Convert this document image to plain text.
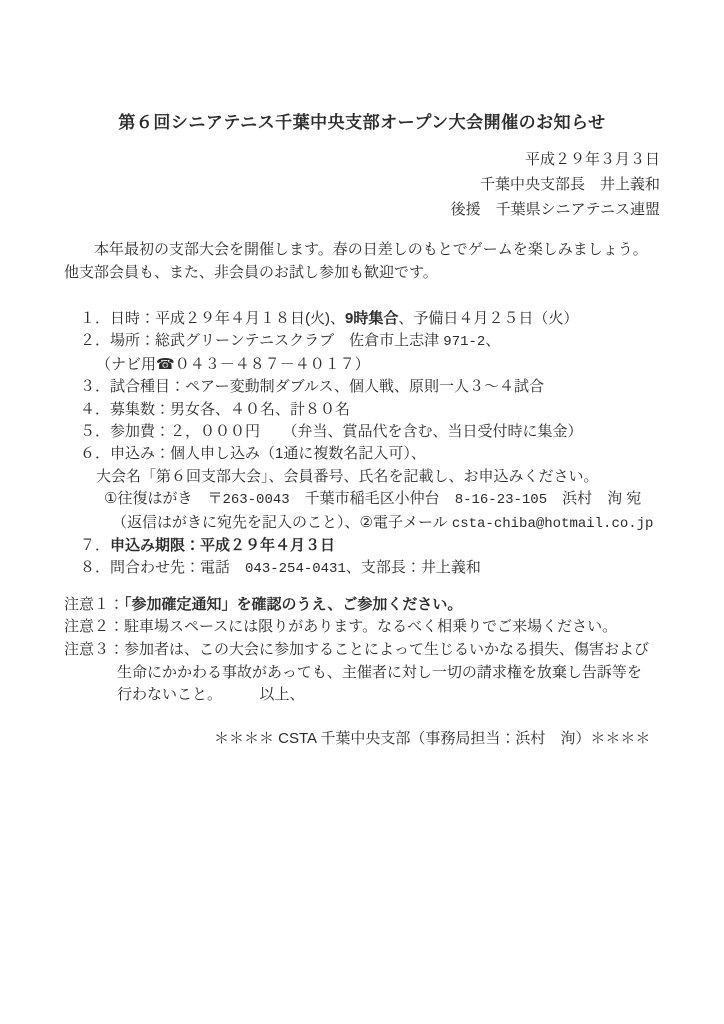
第６回シニアテニス千葉中央支部オープン大会開催のお知らせ
平成２９年３月３日
千葉中央支部長　井上義和
後援　千葉県シニアテニス連盟
本年最初の支部大会を開催します。春の日差しのもとでゲームを楽しみましょう。
他支部会員も、また、非会員のお試し参加も歓迎です。
１．日時：平成２９年４月１８日(火)、9時集合、予備日４月２５日（火）
２．場所：総武グリーンテニスクラブ　佐倉市上志津 971-2、
（ナビ用☎０４３－４８７－４０１７）
３．試合種目：ペアー変動制ダブルス、個人戦、原則一人３～４試合
４．募集数：男女各、４０名、計８０名
５．参加費：２，０００円　　（弁当、賞品代を含む、当日受付時に集金）
６．申込み：個人申し込み（1通に複数名記入可）、
大会名「第６回支部大会」、会員番号、氏名を記載し、お申込みください。
①往復はがき　〒263-0043　千葉市稲毛区小仲台　8-16-23-105　浜村　洵 宛
（返信はがきに宛先を記入のこと）、②電子メール csta-chiba@hotmail.co.jp
７．申込み期限：平成２９年４月３日
８．問合わせ先：電話　043-254-0431、支部長：井上義和
注意１：「参加確定通知」を確認のうえ、ご参加ください。
注意２：駐車場スペースには限りがあります。なるべく相乗りでご来場ください。
注意３：参加者は、この大会に参加することによって生じるいかなる損失、傷害および
生命にかかわる事故があっても、主催者に対し一切の請求権を放棄し告訴等を
行わないこと。　　　以上、
＊＊＊＊ CSTA 千葉中央支部（事務局担当：浜村　洵）＊＊＊＊
